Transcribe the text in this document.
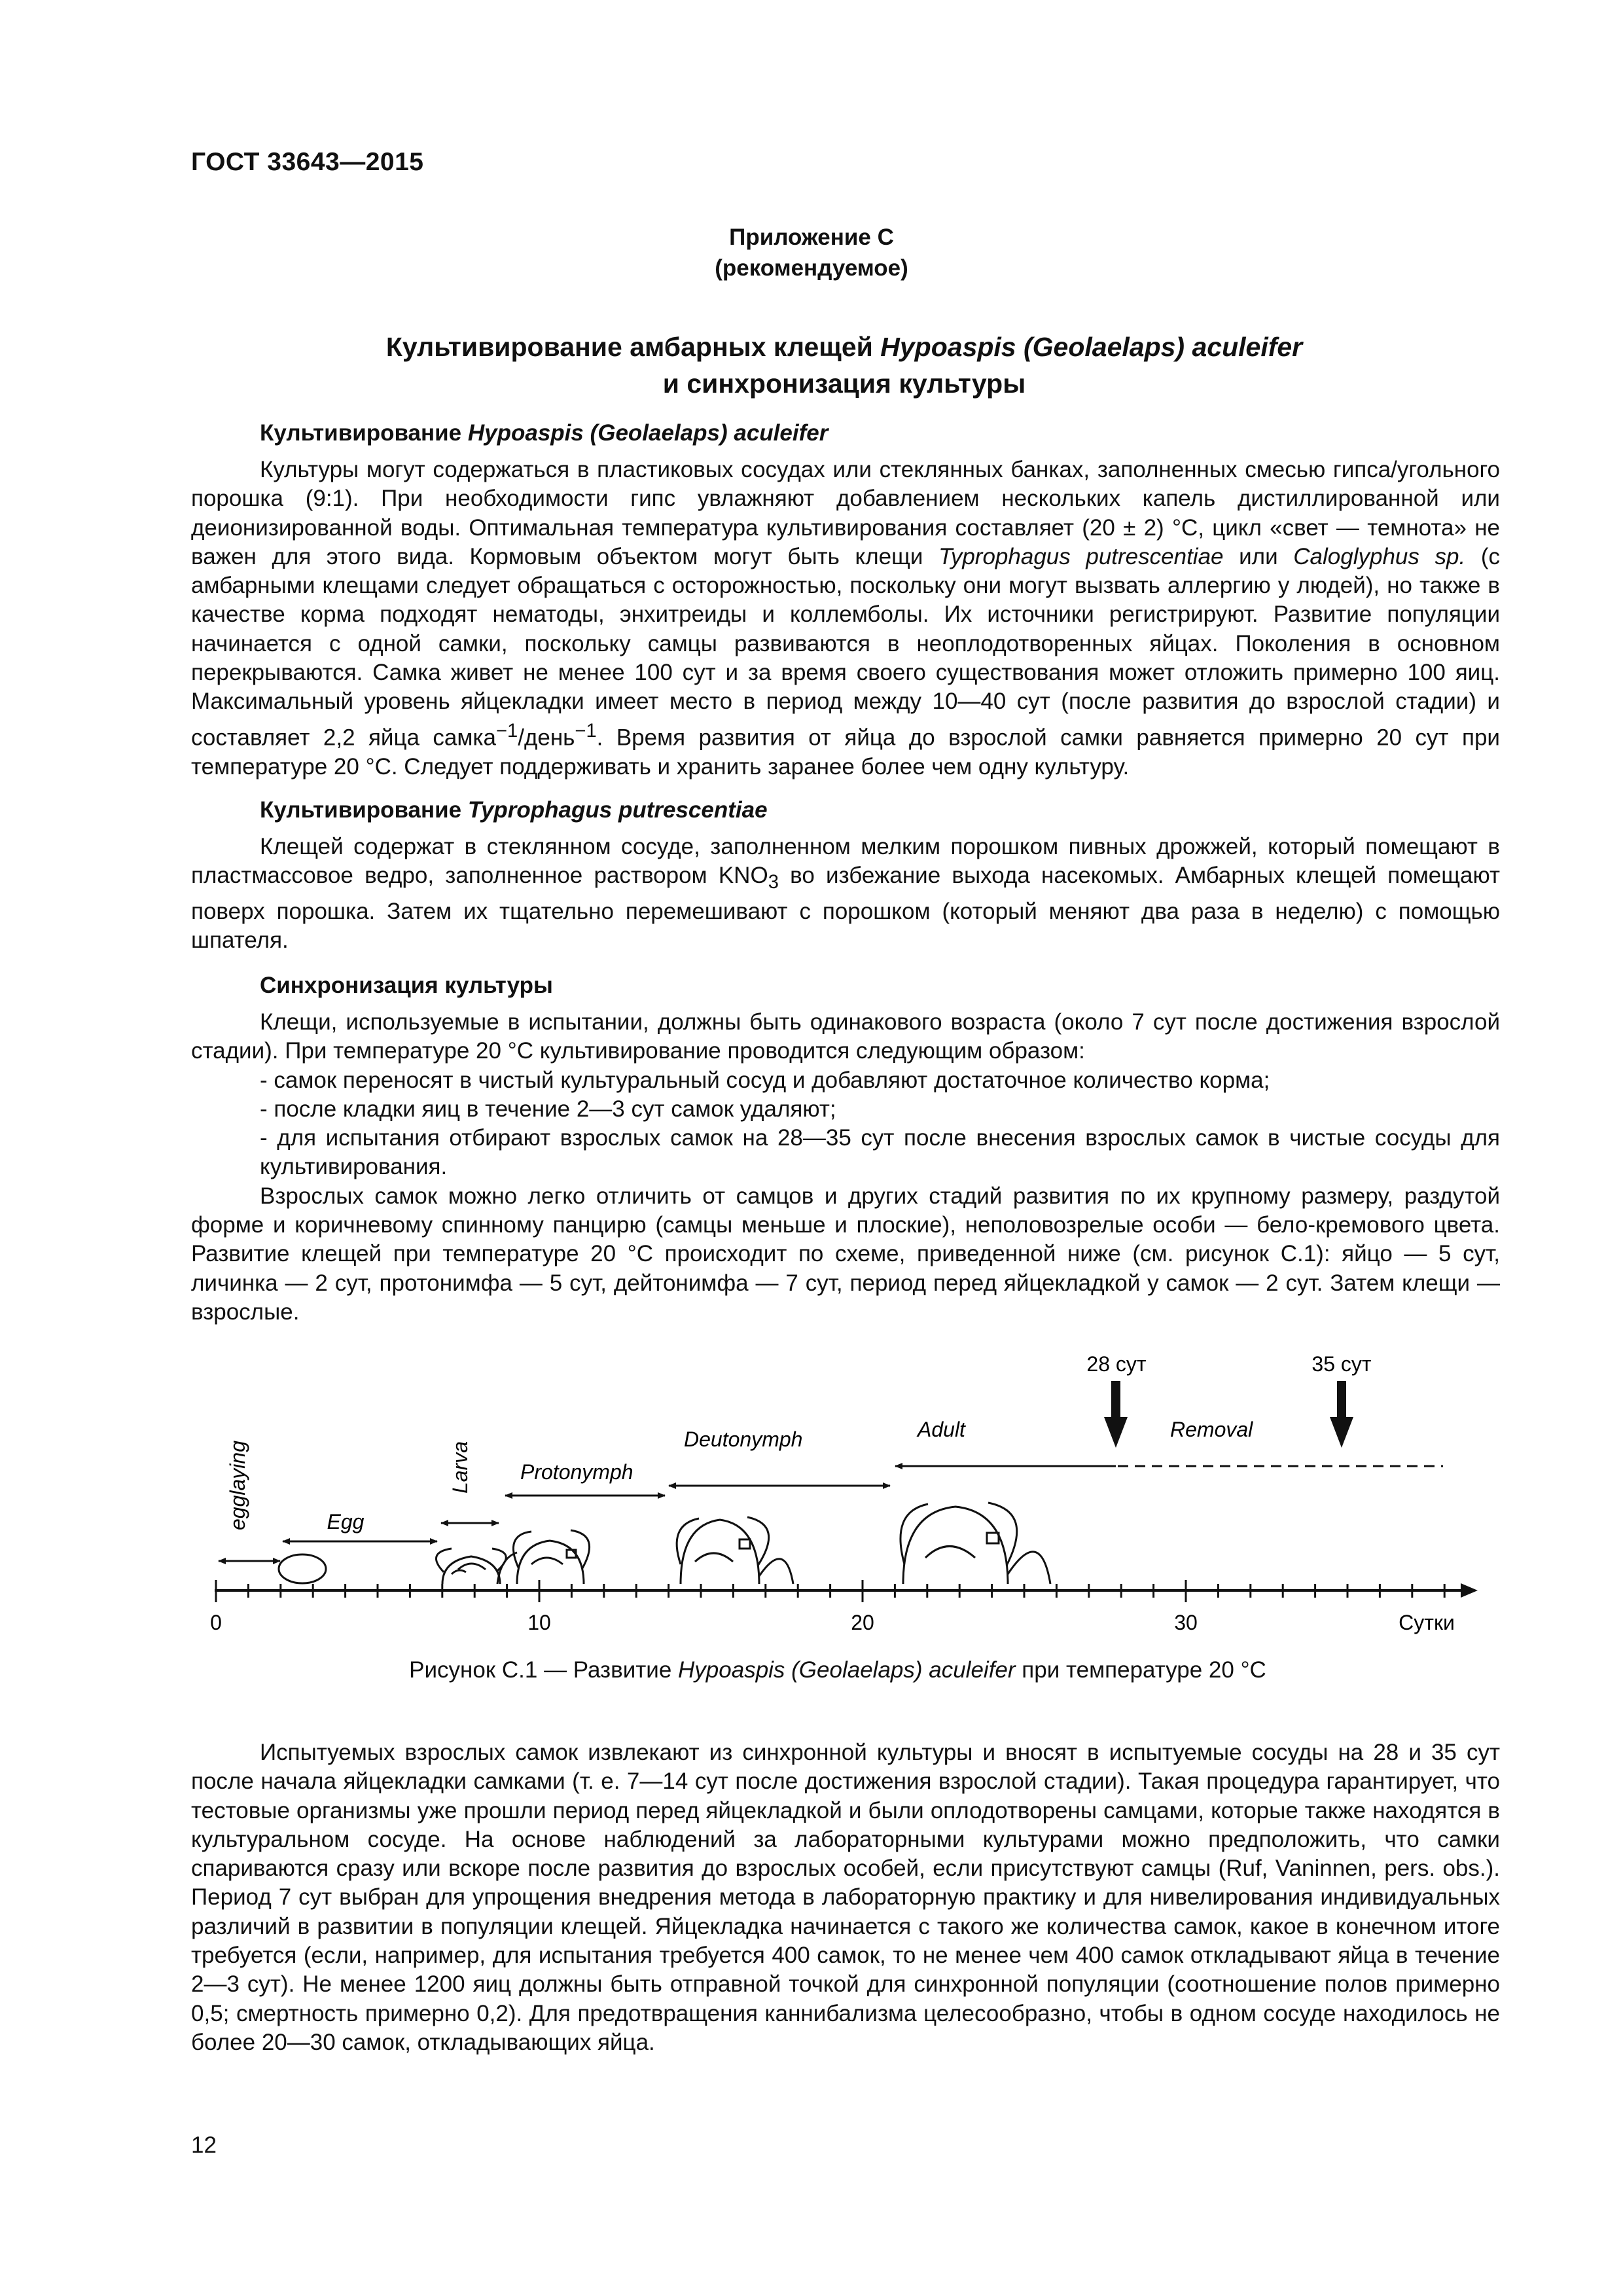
ГОСТ 33643—2015
Приложение С
(рекомендуемое)
Культивирование амбарных клещей Hypoaspis (Geolaelaps) aculeifer
и синхронизация культуры
Культивирование Hypoaspis (Geolaelaps) aculeifer
Культуры могут содержаться в пластиковых сосудах или стеклянных банках, заполненных смесью гипса/угольного порошка (9:1). При необходимости гипс увлажняют добавлением нескольких капель дистиллированной или деионизированной воды. Оптимальная температура культивирования составляет (20 ± 2) °С, цикл «свет — темнота» не важен для этого вида. Кормовым объектом могут быть клещи Typrophagus putrescentiae или Caloglyphus sp. (с амбарными клещами следует обращаться с осторожностью, поскольку они могут вызвать аллергию у людей), но также в качестве корма подходят нематоды, энхитреиды и коллемболы. Их источники регистрируют. Развитие популяции начинается с одной самки, поскольку самцы развиваются в неоплодотворенных яйцах. Поколения в основном перекрываются. Самка живет не менее 100 сут и за время своего существования может отложить примерно 100 яиц. Максимальный уровень яйцекладки имеет место в период между 10—40 сут (после развития до взрослой стадии) и составляет 2,2 яйца самка$^{-1}$/день$^{-1}$. Время развития от яйца до взрослой самки равняется примерно 20 сут при температуре 20 °С. Следует поддерживать и хранить заранее более чем одну культуру.
Культивирование Typrophagus putrescentiae
Клещей содержат в стеклянном сосуде, заполненном мелким порошком пивных дрожжей, который помещают в пластмассовое ведро, заполненное раствором $KNO_3$ во избежание выхода насекомых. Амбарных клещей помещают поверх порошка. Затем их тщательно перемешивают с порошком (который меняют два раза в неделю) с помощью шпателя.
Синхронизация культуры
Клещи, используемые в испытании, должны быть одинакового возраста (около 7 сут после достижения взрослой стадии). При температуре 20 °С культивирование проводится следующим образом:
- самок переносят в чистый культуральный сосуд и добавляют достаточное количество корма;
- после кладки яиц в течение 2—3 сут самок удаляют;
- для испытания отбирают взрослых самок на 28—35 сут после внесения взрослых самок в чистые сосуды для культивирования.
Взрослых самок можно легко отличить от самцов и других стадий развития по их крупному размеру, раздутой форме и коричневому спинному панцирю (самцы меньше и плоские), неполовозрелые особи — бело-кремового цвета. Развитие клещей при температуре 20 °С происходит по схеме, приведенной ниже (см. рисунок С.1): яйцо — 5 сут, личинка — 2 сут, протонимфа — 5 сут, дейтонимфа — 7 сут, период перед яйцекладкой у самок — 2 сут. Затем клещи — взрослые.
0	10	20	30	Сутки
egglaying	Egg
Larva Protonymph
Deutonymph	Adult	Removal
28 сут	35 сут
Рисунок С.1 — Развитие Hypoaspis (Geolaelaps) aculeifer при температуре 20 °С
Испытуемых взрослых самок извлекают из синхронной культуры и вносят в испытуемые сосуды на 28 и 35 сут после начала яйцекладки самками (т. е. 7—14 сут после достижения взрослой стадии). Такая процедура гарантирует, что тестовые организмы уже прошли период перед яйцекладкой и были оплодотворены самцами, которые также находятся в культуральном сосуде. На основе наблюдений за лабораторными культурами можно предположить, что самки спариваются сразу или вскоре после развития до взрослых особей, если присутствуют самцы (Ruf, Vaninnen, pers. obs.). Период 7 сут выбран для упрощения внедрения метода в лабораторную практику и для нивелирования индивидуальных различий в развитии в популяции клещей. Яйцекладка начинается с такого же количества самок, какое в конечном итоге требуется (если, например, для испытания требуется 400 самок, то не менее чем 400 самок откладывают яйца в течение 2—3 сут). Не менее 1200 яиц должны быть отправной точкой для синхронной популяции (соотношение полов примерно 0,5; смертность примерно 0,2). Для предотвращения каннибализма целесообразно, чтобы в одном сосуде находилось не более 20—30 самок, откладывающих яйца.
12
